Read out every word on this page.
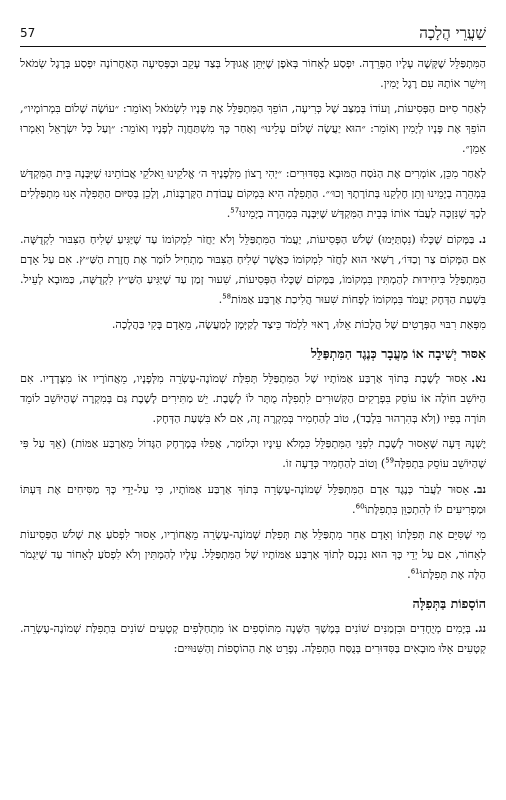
שַׁעֲרֵי הֲלָכָה
57

הַמִּתְפַּלֵּל שֶׁקָּשֶׁה עָלָיו הַפְּרֵדָה. יִפְסַע לְאָחוֹר בְּאֹפֶן שֶׁיִּתֵּן אֲגוּדָל בְּצַד עָקֵב וּבַפְּסִיעָה הָאַחֲרוֹנָה יִפְסַע בְּרֶגֶל שְׂמֹאל וְיִישֵׁר אוֹתָהּ עִם רֶגֶל יָמִין.

לְאַחַר סִיּוּם הַפְּסִיעוֹת, וְעוֹדוֹ בְּמַצַּב שֶׁל כְּרִיעָה, הוֹפֵךְ הַמִּתְפַּלֵּל אֶת פָּנָיו לִשְׂמֹאל וְאוֹמֵר: ״עוֹשֶׂה שָׁלוֹם בִּמְרוֹמָיו״, הוֹפֵךְ אֶת פָּנָיו לְיָמִין וְאוֹמֵר: ״הוּא יַעֲשֶׂה שָׁלוֹם עָלֵינוּ״ וְאַחַר כָּךְ מִשְׁתַּחֲוֶה לְפָנָיו וְאוֹמֵר: ״וְעַל כָּל יִשְׂרָאֵל וְאִמְרוּ אָמֵן״.

לְאַחַר מִכֵּן, אוֹמְרִים אֶת הַנֹּסַח הַמּוּבָא בַּסִּדּוּרִים: ״יְהִי רָצוֹן מִלְּפָנֶיךָ ה׳ אֱלֹקֵינוּ וֵאלֹקֵי אֲבוֹתֵינוּ שֶׁיִּבָּנֶה בֵּית הַמִּקְדָּשׁ בִּמְהֵרָה בְיָמֵינוּ וְתֵן חֶלְקֵנוּ בְּתוֹרָתֶךָ וְכוּ׳״. הַתְּפִלָּה הִיא בִּמְקוֹם עֲבוֹדַת הַקָּרְבָּנוֹת, וְלָכֵן בְּסִיּוּם הַתְּפִלָּה אָנוּ מִתְפַּלְּלִים לְכָךְ שֶׁנִּזְכֶּה לַעֲבֹד אוֹתוֹ בְּבֵית הַמִּקְדָּשׁ שֶׁיִּבָּנֶה בִּמְהֵרָה בְיָמֵינוּ$^{57}$.

נ.בַּמָּקוֹם שֶׁכָּלוּ (נִסְתַּיְּמוּ) שָׁלֹשׁ הַפְּסִיעוֹת, יַעֲמֹד הַמִּתְפַּלֵּל וְלֹא יַחֲזֹר לִמְקוֹמוֹ עַד שֶׁיַּגִּיעַ שְׁלִיחַ הַצִּבּוּר לִקְדֻשָּׁה. אִם הַמָּקוֹם צַר וְכַדּוֹ׳, רַשַּׁאי הוּא לַחֲזֹר לִמְקוֹמוֹ כַּאֲשֶׁר שְׁלִיחַ הַצִּבּוּר מַתְחִיל לוֹמַר אֶת חֲזָרַת הַשַּׁ״ץ. אִם עַל אָדָם הַמִּתְפַּלֵּל בִּיחִידוּת לְהַמְתִּין בִּמְקוֹמוֹ, בַּמָּקוֹם שֶׁכָּלוּ הַפְּסִיעוֹת, שִׁעוּר זְמַן עַד שֶׁיַּגִּיעַ הַשַּׁ״ץ לִקְדֻשָּׁה, כַּמּוּבָא לְעֵיל. בִּשְׁעַת הַדְּחָק יַעֲמֹד בִּמְקוֹמוֹ לְפָחוֹת שִׁעוּר הֲלִיכַת אַרְבַּע אַמּוֹת$^{58}$.

מִפְּאַת רִבּוּי הַפְּרָטִים שֶׁל הֲלָכוֹת אֵלּוּ, רָאוּי לִלְמֹד כֵּיצַד לְקַיְּמָן לְמַעֲשֶׂה, מֵאָדָם בָּקִי בַּהֲלָכָה.

אִסּוּר יְשִׁיבָה אוֹ מַעֲבָר כְּנֶגֶד הַמִּתְפַּלֵּל

נא.אָסוּר לָשֶׁבֶת בְּתוֹךְ אַרְבַּע אַמּוֹתָיו שֶׁל הַמִּתְפַּלֵּל תְּפִלַּת שְׁמוֹנֶה-עֶשְׂרֵה מִלְּפָנָיו, מֵאֲחוֹרָיו אוֹ מִצְּדָדָיו. אִם הַיּוֹשֵׁב חוֹלֶה אוֹ עוֹסֵק בִּפְרָקִים הַקְּשׁוּרִים לִתְפִלָּה מֻתָּר לוֹ לָשֶׁבֶת. יֵשׁ מַתִּירִים לָשֶׁבֶת גַּם בְּמִקְרֶה שֶׁהַיּוֹשֵׁב לוֹמֵד תּוֹרָה בְּפִיו (וְלֹא בְּהִרְהוּר בִּלְבַד), טוֹב לְהַחְמִיר בְּמִקְרֶה זֶה, אִם לֹא בִּשְׁעַת הַדְּחָק.

יֶשְׁנָהּ דֵּעָה שֶׁאָסוּר לָשֶׁבֶת לִפְנֵי הַמִּתְפַּלֵּל כִּמְלֹא עֵינָיו וּכְלוֹמַר, אֲפִלּוּ בְּמֶרְחָק הַגָּדוֹל מֵאַרְבַּע אַמּוֹת) (אֵךְ עַל פִּי שֶׁהַיּוֹשֵׁב עוֹסֵק בִּתְפִלָּה$^{59}$) וְטוֹב לְהַחְמִיר כְּדֵעָה זוֹ.

נב.אָסוּר לַעֲבֹר כְּנֶגֶד אָדָם הַמִּתְפַּלֵּל שְׁמוֹנֶה-עֶשְׂרֵה בְּתוֹךְ אַרְבַּע אַמּוֹתָיו, כִּי עַל-יְדֵי כָּךְ מַסִּיחִים אֶת דַּעְתּוֹ וּמַפְרִיעִים לוֹ לְהִתְכַּוֵּן בִּתְפִלָּתוֹ$^{60}$.

מִי שֶׁסִּיֵּם אֶת תְּפִלָּתוֹ וְאָדָם אַחֵר מִתְפַּלֵּל אֶת תְּפִלַּת שְׁמוֹנֶה-עֶשְׂרֵה מֵאֲחוֹרָיו, אָסוּר לִפְסֹעַ אֶת שָׁלֹשׁ הַפְּסִיעוֹת לְאָחוֹר, אִם עַל יְדֵי כָּךְ הוּא נִכְנָס לְתוֹךְ אַרְבַּע אַמּוֹתָיו שֶׁל הַמִּתְפַּלֵּל. עָלָיו לְהַמְתִּין וְלֹא לִפְסֹעַ לְאָחוֹר עַד שֶׁיִּגְמֹר הַלָּה אֶת תְּפִלָּתוֹ$^{61}$.

הוֹסָפוֹת בַּתְּפִלָּה

נג.בְּיָמִים מְיֻחָדִים וּבִזְמַנִּים שׁוֹנִים בְּמֶשֶׁךְ הַשָּׁנָה מִתּוֹסְפִים אוֹ מִתְחַלְּפִים קְטָעִים שׁוֹנִים בִּתְפִלַּת שְׁמוֹנֶה-עֶשְׂרֵה. קְטָעִים אֵלּוּ מוּבָאִים בַּסִּדּוּרִים בְּנֻסַּח הַתְּפִלָּה. נְפָרֵט אֶת הַהוֹסָפוֹת וְהַשִּׁנּוּיִים:
